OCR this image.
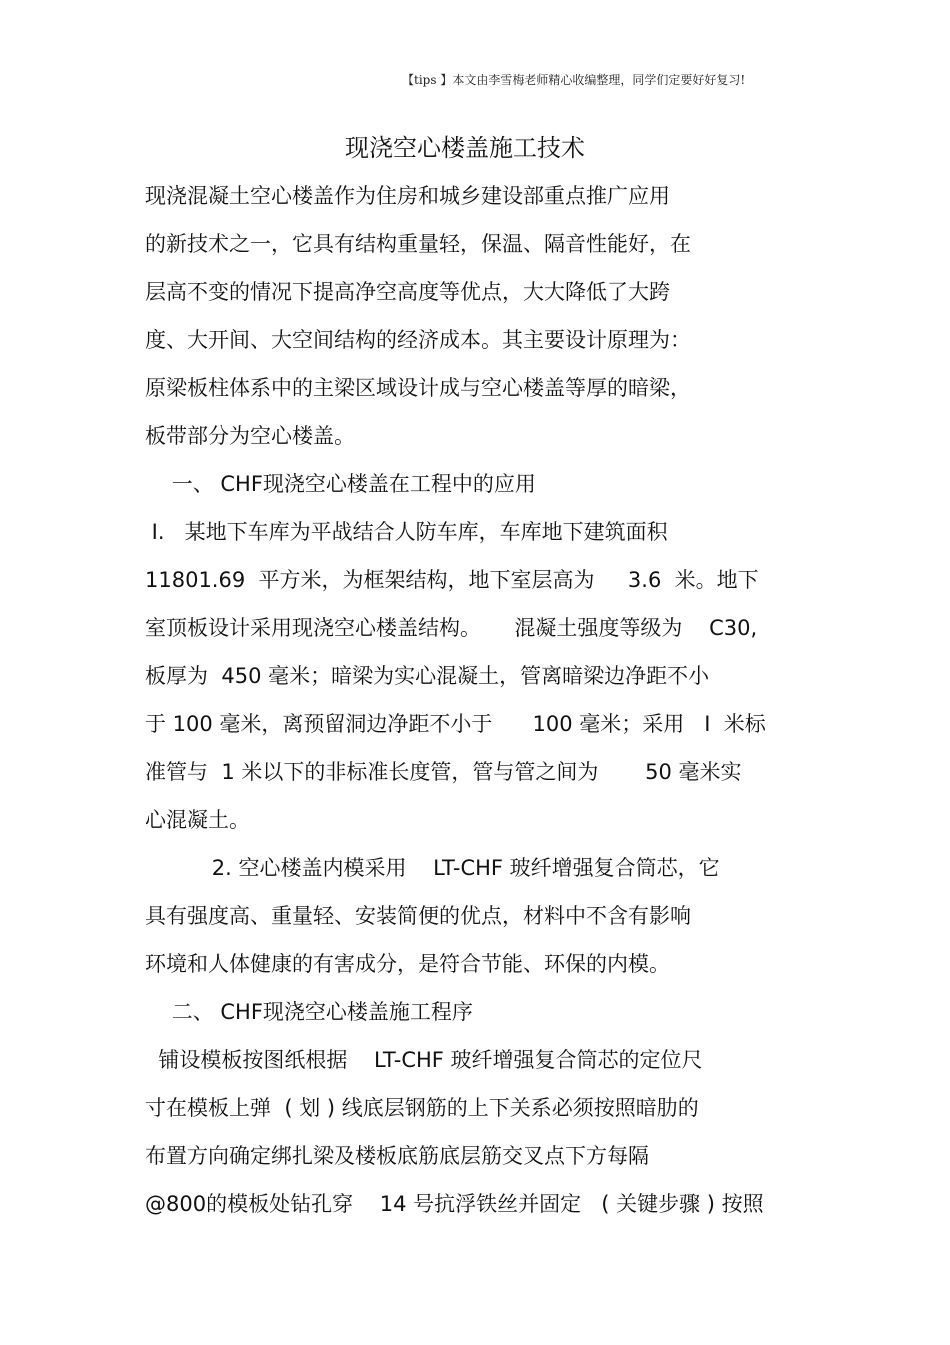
【tips 】本文由李雪梅老师精心收编整理，同学们定要好好复习!
现浇空心楼盖施工技术
现浇混凝土空心楼盖作为住房和城乡建设部重点推广应用
的新技术之一，它具有结构重量轻，保温、隔音性能好，在
层高不变的情况下提高净空高度等优点，大大降低了大跨
度、大开间、大空间结构的经济成本。其主要设计原理为：
原梁板柱体系中的主梁区域设计成与空心楼盖等厚的暗梁，
板带部分为空心楼盖。
一、 CHF现浇空心楼盖在工程中的应用
I.   某地下车库为平战结合人防车库，车库地下建筑面积
11801.69  平方米，为框架结构，地下室层高为     3.6  米。地下
室顶板设计采用现浇空心楼盖结构。     混凝土强度等级为    C30,
板厚为  450 毫米；暗梁为实心混凝土，管离暗梁边净距不小
于 100 毫米，离预留洞边净距不小于      100 毫米；采用   I  米标
准管与  1 米以下的非标准长度管，管与管之间为       50 毫米实
心混凝土。
2. 空心楼盖内模采用    LT-CHF 玻纤增强复合筒芯，它
具有强度高、重量轻、安装简便的优点，材料中不含有影响
环境和人体健康的有害成分，是符合节能、环保的内模。
二、 CHF现浇空心楼盖施工程序
铺设模板按图纸根据    LT-CHF 玻纤增强复合筒芯的定位尺
寸在模板上弹  ( 划 ) 线底层钢筋的上下关系必须按照暗肋的
布置方向确定绑扎梁及楼板底筋底层筋交叉点下方每隔
@800的模板处钻孔穿    14 号抗浮铁丝并固定   ( 关键步骤 ) 按照
